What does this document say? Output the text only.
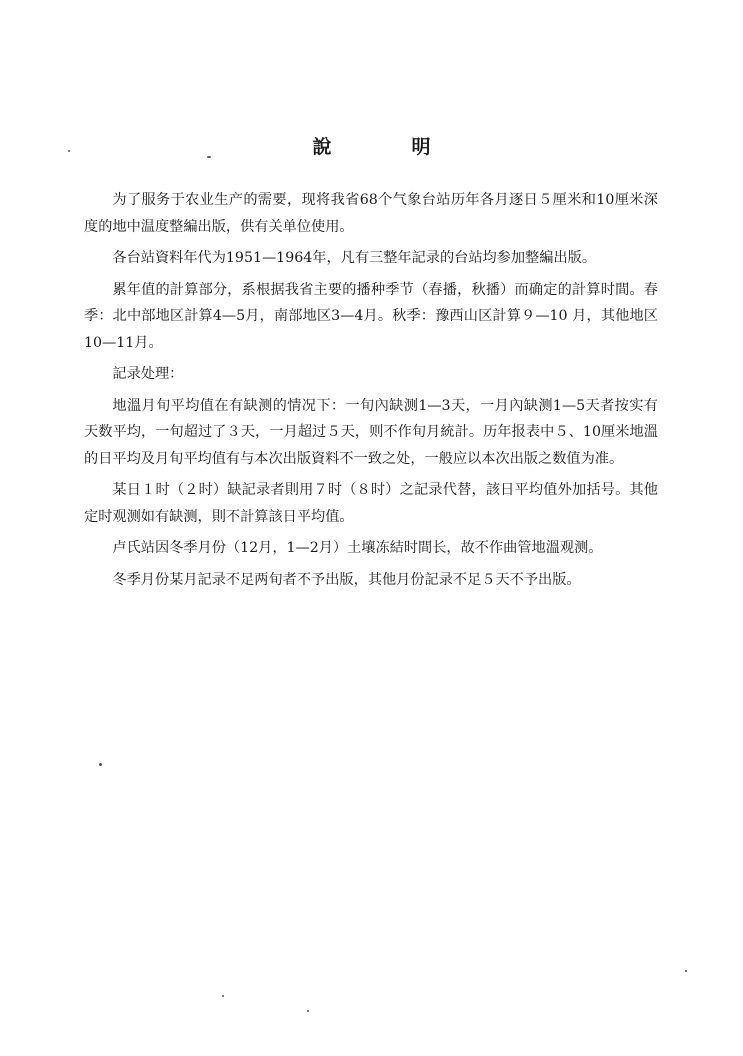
說	明

为了服务于农业生产的需要，现将我省68个气象台站历年各月逐日５厘米和10厘米深度的地中温度整編出版，供有关单位使用。

各台站資料年代为1951—1964年，凡有三整年記录的台站均参加整編出版。

累年值的計算部分，系根据我省主要的播种季节（春播，秋播）而确定的計算时間。春季：北中部地区計算4—5月，南部地区3—4月。秋季：豫西山区計算９—10 月，其他地区10—11月。

記录处理：

地溫月旬平均值在有缺测的情况下：一旬內缺测1—3天，一月內缺测1—5天者按实有天数平均，一旬超过了３天，一月超过５天，则不作旬月統計。历年报表中５、10厘米地溫的日平均及月旬平均值有与本次出版資料不一致之处，一般应以本次出版之数值为准。

某日１时（２时）缺記录者則用７时（８时）之記录代替，該日平均值外加括号。其他定时观测如有缺测，則不計算該日平均值。

卢氏站因冬季月份（12月，1—2月）土壤冻結时間长，故不作曲管地溫观测。

冬季月份某月記录不足两旬者不予出版，其他月份記录不足５天不予出版。
